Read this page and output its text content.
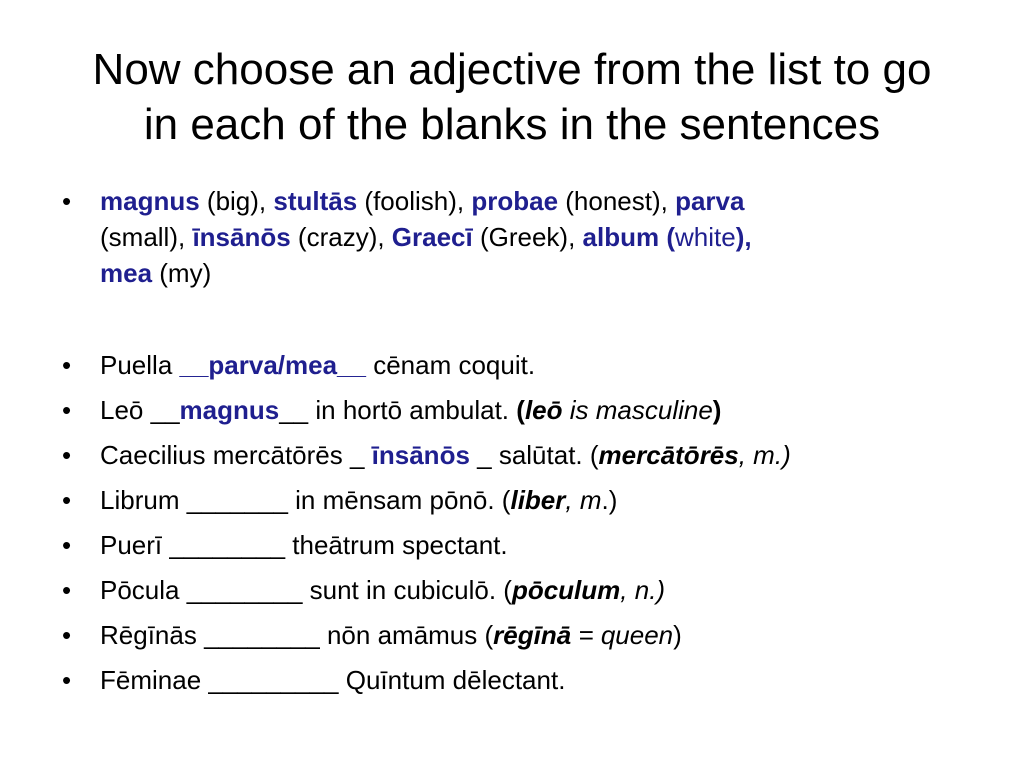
Now choose an adjective from the list to go
in each of the blanks in the sentences
• magnus (big), stultās (foolish), probae (honest), parva
(small), īnsānōs (crazy), Graecī (Greek), album (white),
mea (my)
• Puella __parva/mea__ cēnam coquit.
• Leō __magnus__ in hortō ambulat. (leō is masculine)
• Caecilius mercātōrēs _ īnsānōs _ salūtat. (mercātōrēs, m.)
• Librum _______ in mēnsam pōnō. (liber, m.)
• Puerī ________ theātrum spectant.
• Pōcula ________ sunt in cubiculō. (pōculum, n.)
• Rēgīnās ________ nōn amāmus (rēgīnā = queen)
• Fēminae _________ Quīntum dēlectant.
